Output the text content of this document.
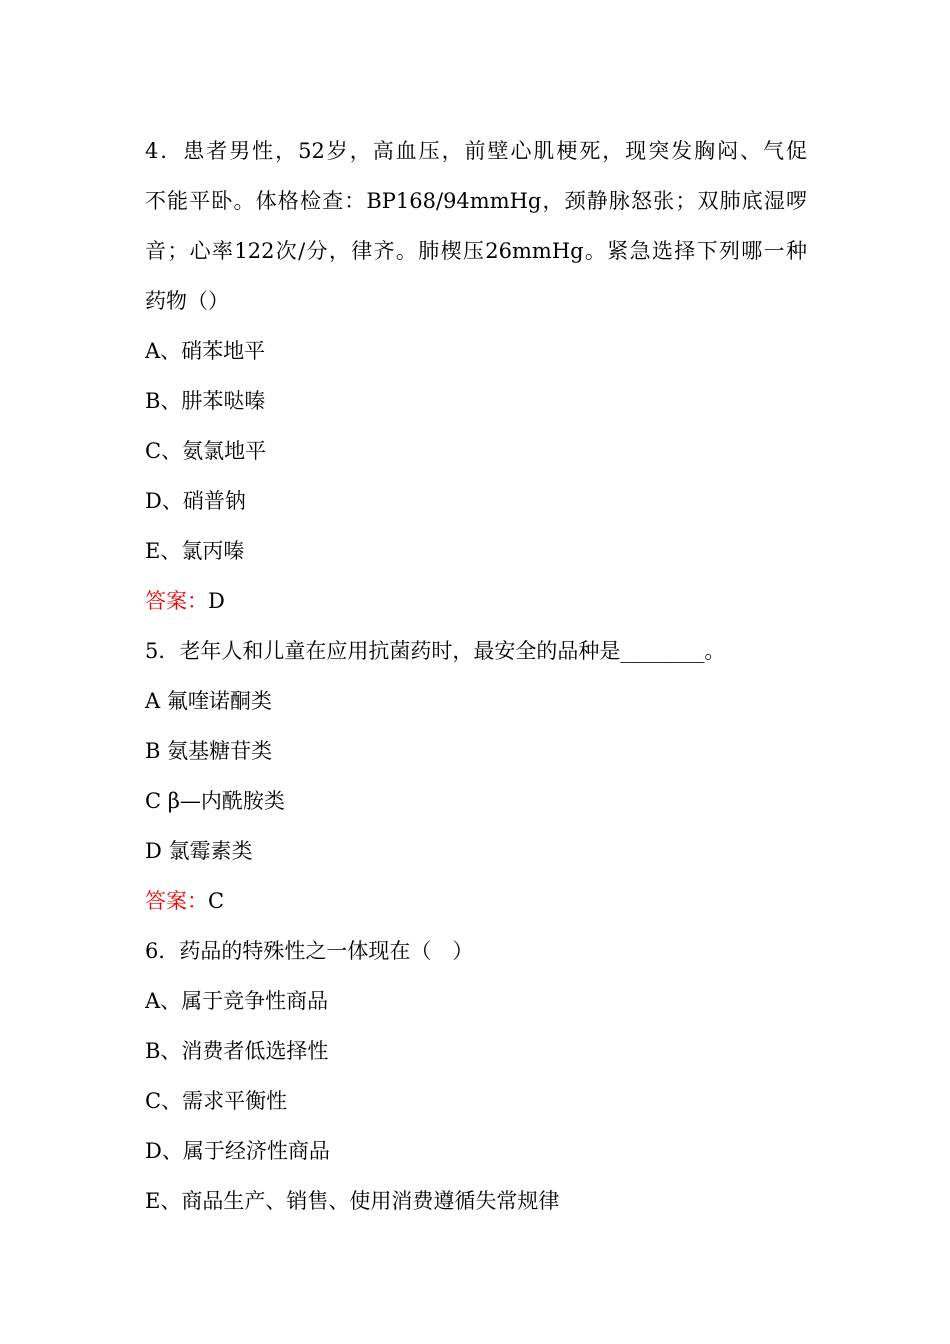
4．患者男性，52岁，高血压，前壁心肌梗死，现突发胸闷、气促
不能平卧。体格检查：BP168/94mmHg，颈静脉怒张；双肺底湿啰
音；心率122次/分，律齐。肺楔压26mmHg。紧急选择下列哪一种
药物（）
A、硝苯地平
B、肼苯哒嗪
C、氨氯地平
D、硝普钠
E、氯丙嗪
答案：D
5．老年人和儿童在应用抗菌药时，最安全的品种是________。
A 氟喹诺酮类
B 氨基糖苷类
C β—内酰胺类
D 氯霉素类
答案：C
6．药品的特殊性之一体现在（　）
A、属于竞争性商品
B、消费者低选择性
C、需求平衡性
D、属于经济性商品
E、商品生产、销售、使用消费遵循失常规律
